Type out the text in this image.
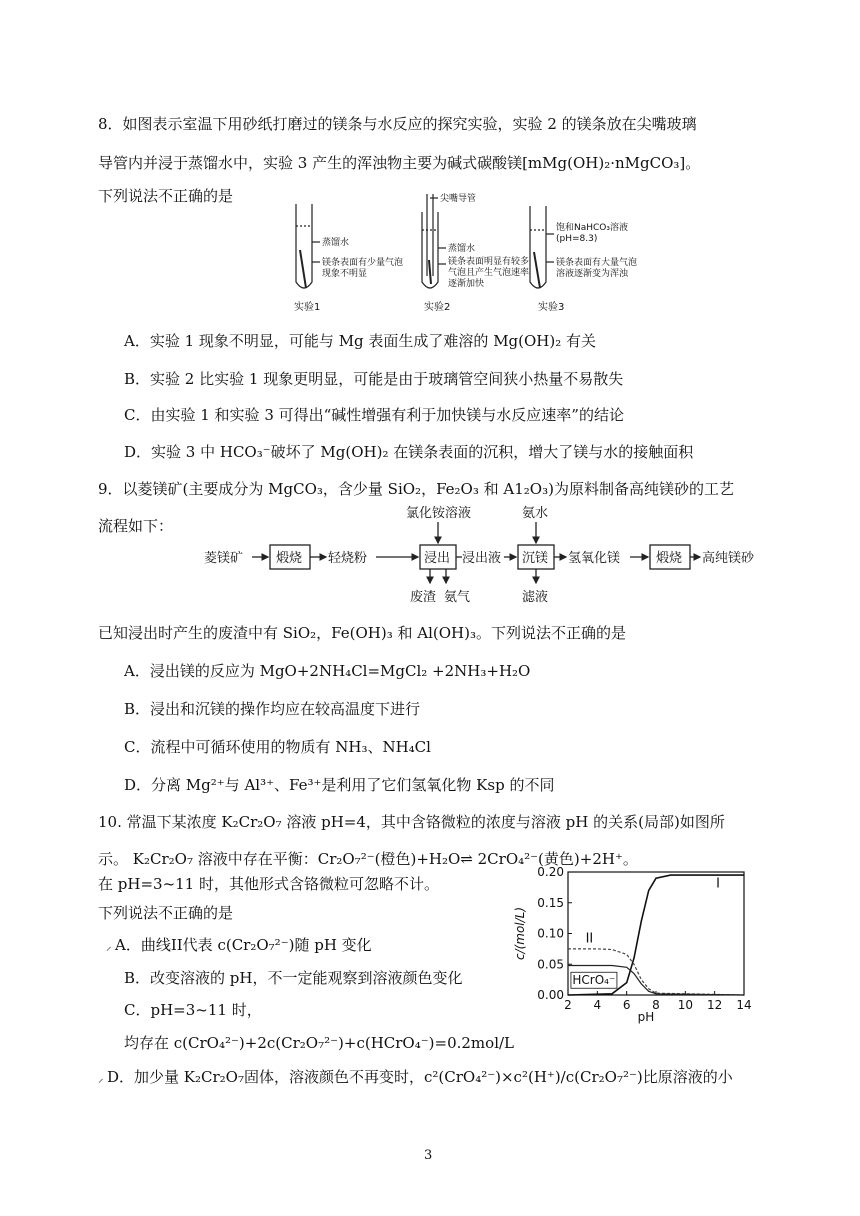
8．如图表示室温下用砂纸打磨过的镁条与水反应的探究实验，实验 2 的镁条放在尖嘴玻璃
导管内并浸于蒸馏水中，实验 3 产生的浑浊物主要为碱式碳酸镁[mMg(OH)₂·nMgCO₃]。
下列说法不正确的是
蒸馏水
镁条表面有少量气泡
现象不明显
实验1
尖嘴导管
蒸馏水
镁条表面明显有较多
气泡且产生气泡速率
逐渐加快
实验2
饱和NaHCO₃溶液
(pH=8.3)
镁条表面有大量气泡
溶液逐渐变为浑浊
实验3
A．实验 1 现象不明显，可能与 Mg 表面生成了难溶的 Mg(OH)₂ 有关
B．实验 2 比实验 1 现象更明显，可能是由于玻璃管空间狭小热量不易散失
C．由实验 1 和实验 3 可得出“碱性增强有利于加快镁与水反应速率”的结论
D．实验 3 中 HCO₃⁻破坏了 Mg(OH)₂ 在镁条表面的沉积，增大了镁与水的接触面积
9．以菱镁矿(主要成分为 MgCO₃，含少量 SiO₂，Fe₂O₃ 和 A1₂O₃)为原料制备高纯镁砂的工艺
流程如下：
菱镁矿	煅烧 轻烧粉	浸出 浸出液 沉镁 氢氧化镁	煅烧 高纯镁砂
氯化铵溶液	氨水
废渣 氨气	滤液
已知浸出时产生的废渣中有 SiO₂，Fe(OH)₃ 和 Al(OH)₃。下列说法不正确的是
A．浸出镁的反应为 MgO+2NH₄Cl=MgCl₂ +2NH₃+H₂O
B．浸出和沉镁的操作均应在较高温度下进行
C．流程中可循环使用的物质有 NH₃、NH₄Cl
D．分离 Mg²⁺与 Al³⁺、Fe³⁺是利用了它们氢氧化物 Ksp 的不同
10. 常温下某浓度 K₂Cr₂O₇ 溶液 pH=4，其中含铬微粒的浓度与溶液 pH 的关系(局部)如图所
示。 K₂Cr₂O₇ 溶液中存在平衡：Cr₂O₇²⁻(橙色)+H₂O⇌ 2CrO₄²⁻(黄色)+2H⁺。
在 pH=3~11 时，其他形式含铬微粒可忽略不计。
下列说法不正确的是
⸝ A．曲线II代表 c(Cr₂O₇²⁻)随 pH 变化
B．改变溶液的 pH，不一定能观察到溶液颜色变化
C．pH=3~11 时，
均存在 c(CrO₄²⁻)+2c(Cr₂O₇²⁻)+c(HCrO₄⁻)=0.2mol/L
⸝ D．加少量 K₂Cr₂O₇固体，溶液颜色不再变时，c²(CrO₄²⁻)×c²(H⁺)/c(Cr₂O₇²⁻)比原溶液的小
0.00
0.05
0.10
0.15
0.20
2 4 6 8 10 12 14
pH
c/(mol/L)
I
II
HCrO₄⁻
3
